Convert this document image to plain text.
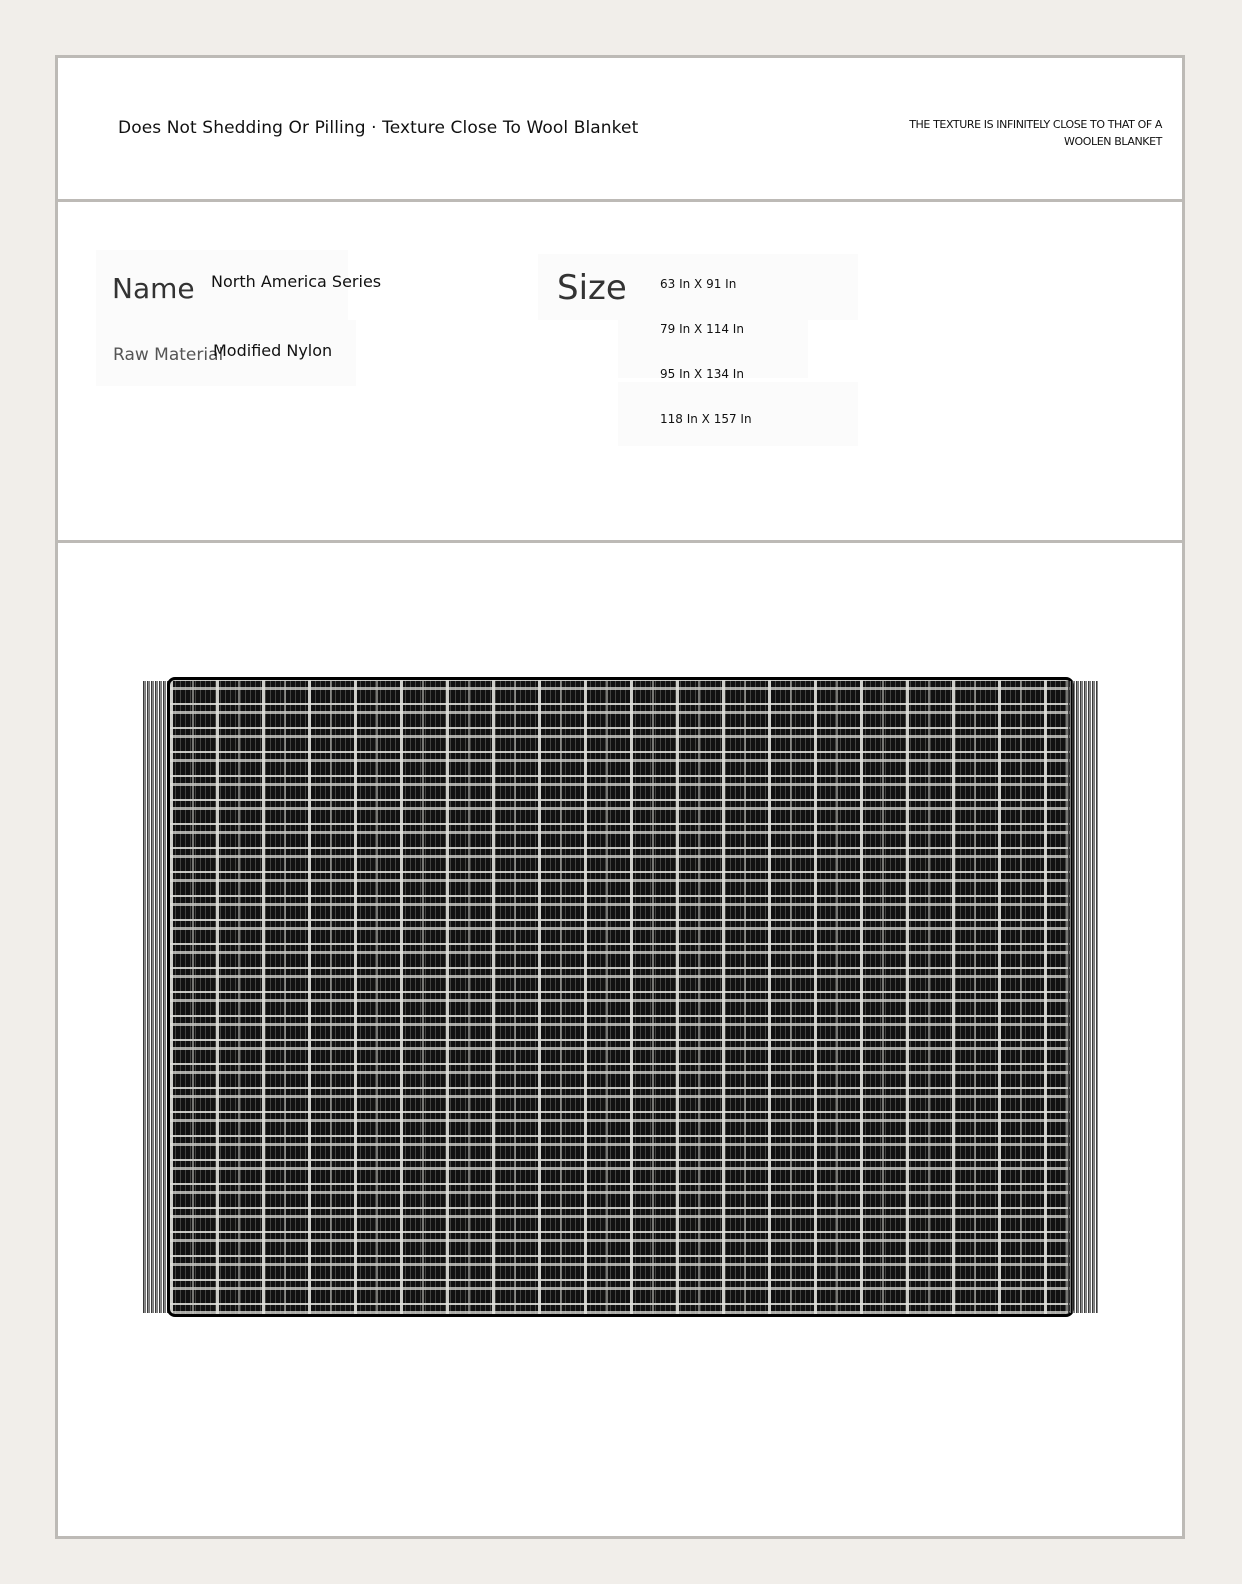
Does Not Shedding Or Pilling · Texture Close To Wool Blanket	THE TEXTURE IS INFINITELY CLOSE TO THAT OF A WOOLEN BLANKET
Name North America Series
Raw Material
Modified Nylon
Size	63 In X 91 In
79 In X 114 In
95 In X 134 In
118 In X 157 In
